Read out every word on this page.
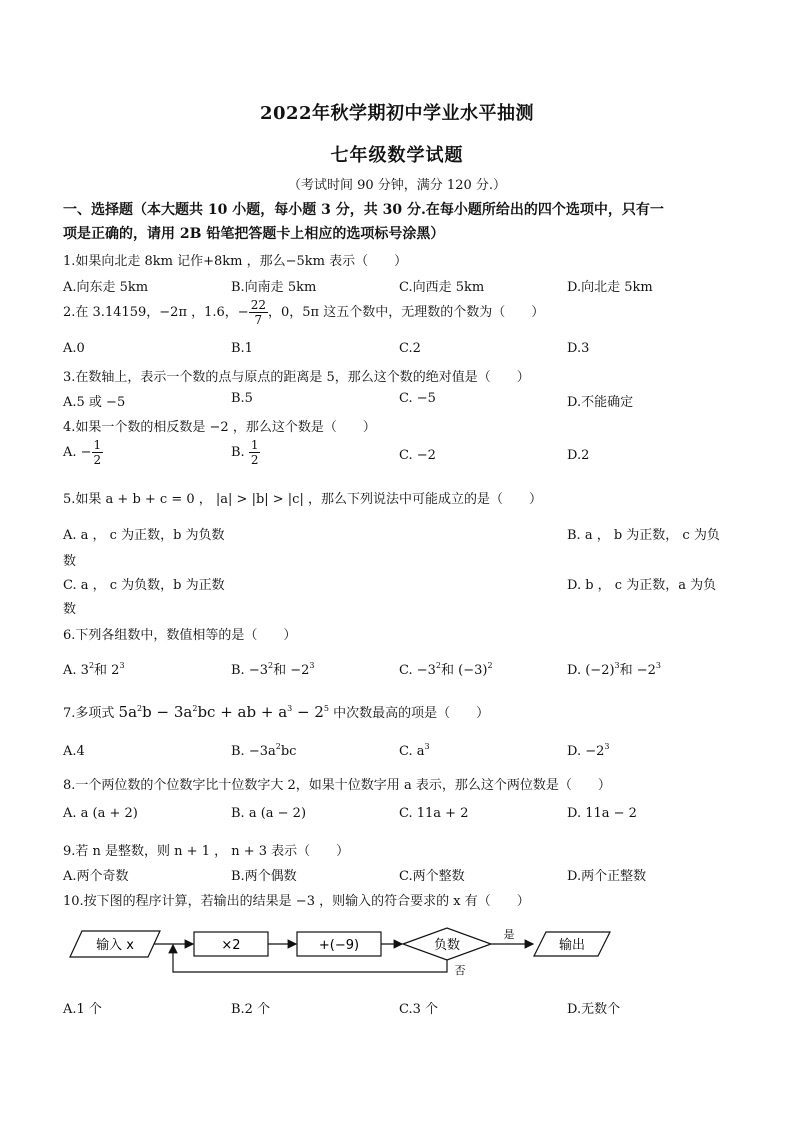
2022年秋学期初中学业水平抽测
七年级数学试题
（考试时间 90 分钟，满分 120 分.）
一、选择题（本大题共 10 小题，每小题 3 分，共 30 分.在每小题所给出的四个选项中，只有一
项是正确的，请用 2B 铅笔把答题卡上相应的选项标号涂黑）
1.如果向北走 8km 记作+8km ，那么−5km 表示（　　）
A.向东走 5km	B.向南走 5km	C.向西走 5km	D.向北走 5km
2.在 3.14159，−2π ，1.6，− $\frac{22}{7}$ ，0，5π 这五个数中，无理数的个数为（　　）
A.0	B.1	C.2	D.3
3.在数轴上，表示一个数的点与原点的距离是 5，那么这个数的绝对值是（　　）
A.5 或 −5	B.5	C. −5	D.不能确定
4.如果一个数的相反数是 −2 ，那么这个数是（　　）
A. − $\frac{1}{2}$	B. $\frac{1}{2}$	C. −2	D.2
5.如果 a + b + c = 0 ， |a| > |b| > |c| ，那么下列说法中可能成立的是（　　）
A. a ， c 为正数，b 为负数	B. a ， b 为正数， c 为负
数
C. a ， c 为负数，b 为正数	D. b ， c 为正数，a 为负
数
6.下列各组数中，数值相等的是（　　）
A. $3^2$和 $2^3$	B. $-3^2$和 $-2^3$	C. $-3^2$和 $(-3)^2$	D. $(-2)^3$和 $-2^3$
7.多项式 $5a^2b - 3a^2bc$ + ab + $a^3 - 2^5$ 中次数最高的项是（　　）
A.4	B. $-3a^2bc$	C. $a^3$	D. $-2^3$
8.一个两位数的个位数字比十位数字大 2，如果十位数字用 a 表示，那么这个两位数是（　　）
A. a (a + 2)	B. a (a − 2)	C. 11a + 2	D. 11a − 2
9.若 n 是整数，则 n + 1 ， n + 3 表示（　　）
A.两个奇数	B.两个偶数	C.两个整数	D.两个正整数
10.按下图的程序计算，若输出的结果是 −3 ，则输入的符合要求的 x 有（　　）
输入 x	×2	+(−9)	负数
是
输出
否
A.1 个	B.2 个	C.3 个	D.无数个
